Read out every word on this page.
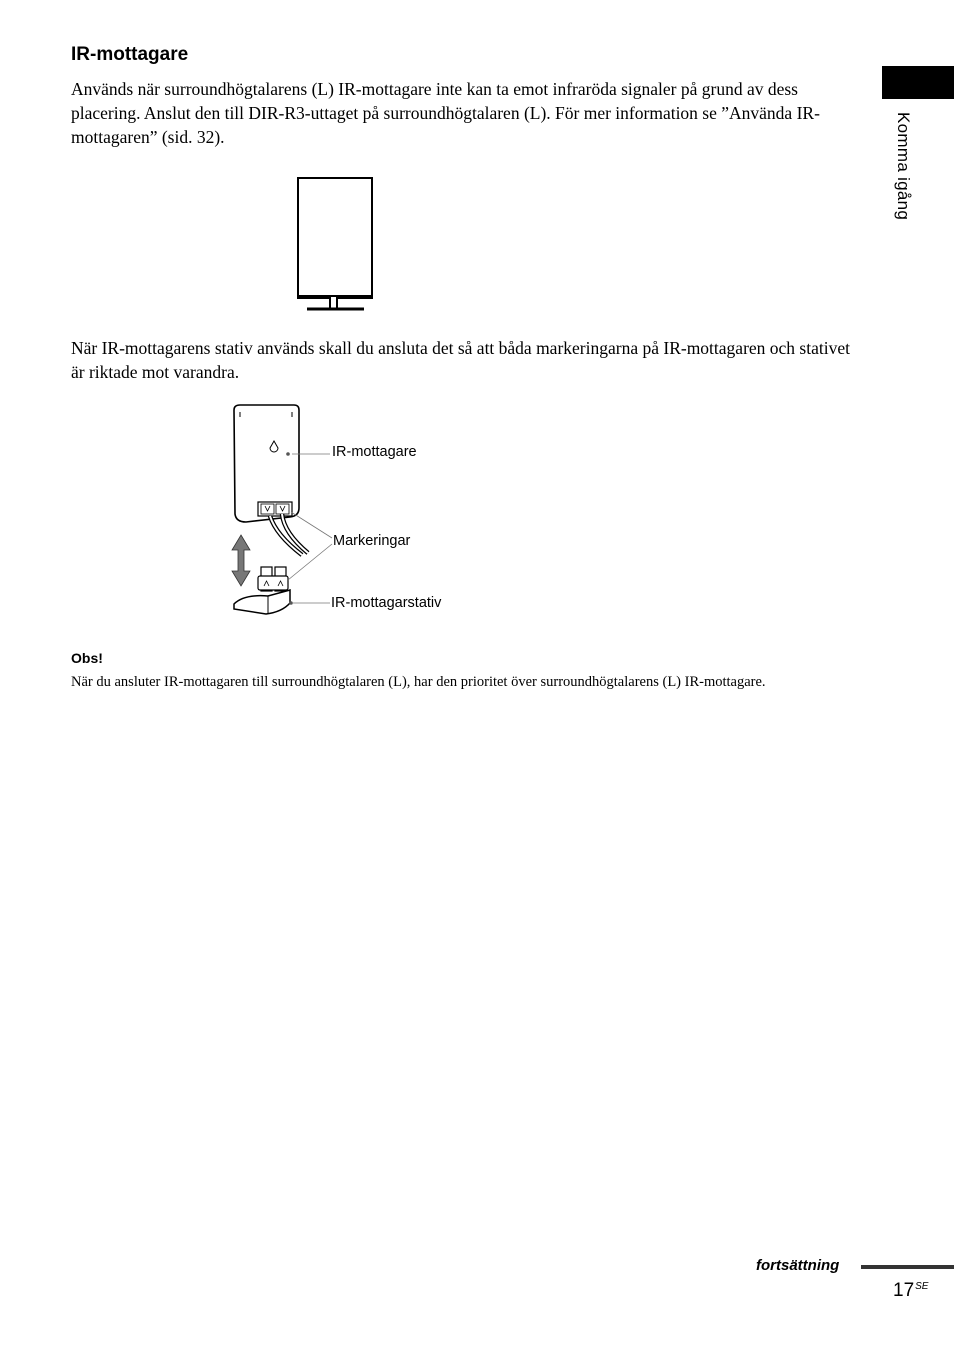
IR-mottagare

Används när surroundhögtalarens (L) IR-mottagare inte kan ta emot infraröda signaler på grund av dess placering. Anslut den till DIR-R3-uttaget på surroundhögtalaren (L). För mer information se ”Använda IR-mottagaren” (sid. 32).	Komma igång

När IR-mottagarens stativ används skall du ansluta det så att båda markeringarna på IR-mottagaren och stativet är riktade mot varandra.

IR-mottagare
Markeringar
IR-mottagarstativ
Obs!

När du ansluter IR-mottagaren till surroundhögtalaren (L), har den prioritet över surroundhögtalarens (L) IR-mottagare.

fortsättning
$17^{SE}$
